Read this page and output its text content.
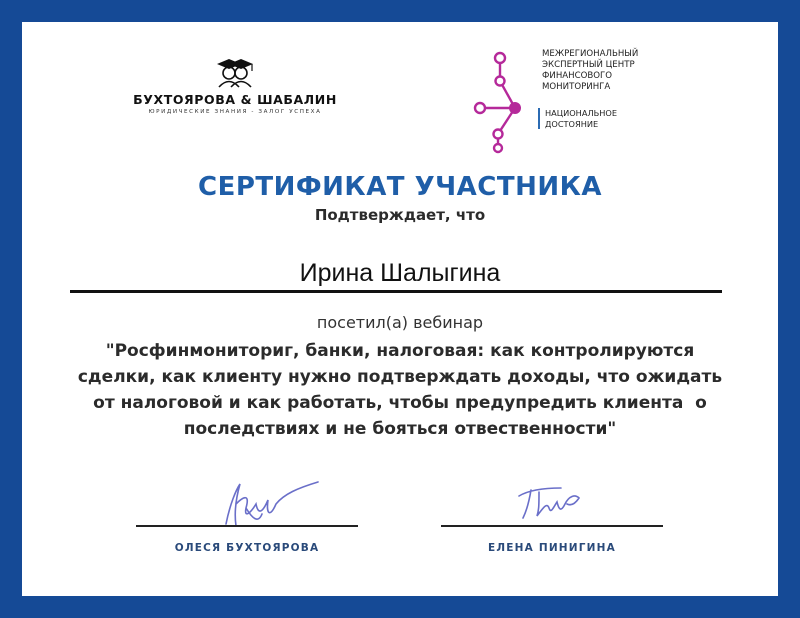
БУХТОЯРОВА & ШАБАЛИН
ЮРИДИЧЕСКИЕ ЗНАНИЯ - ЗАЛОГ УСПЕХА
МЕЖРЕГИОНАЛЬНЫЙ
ЭКСПЕРТНЫЙ ЦЕНТР
ФИНАНСОВОГО
МОНИТОРИНГА
НАЦИОНАЛЬНОЕ
ДОСТОЯНИЕ
СЕРТИФИКАТ УЧАСТНИКА
Подтверждает, что
Ирина Шалыгина
посетил(а) вебинар
"Росфинмониториг, банки, налоговая: как контролируются сделки, как клиенту нужно подтверждать доходы, что ожидать от налоговой и как работать, чтобы предупредить клиента  о  последствиях и не бояться отвественности"
ОЛЕСЯ БУХТОЯРОВА	ЕЛЕНА ПИНИГИНА
